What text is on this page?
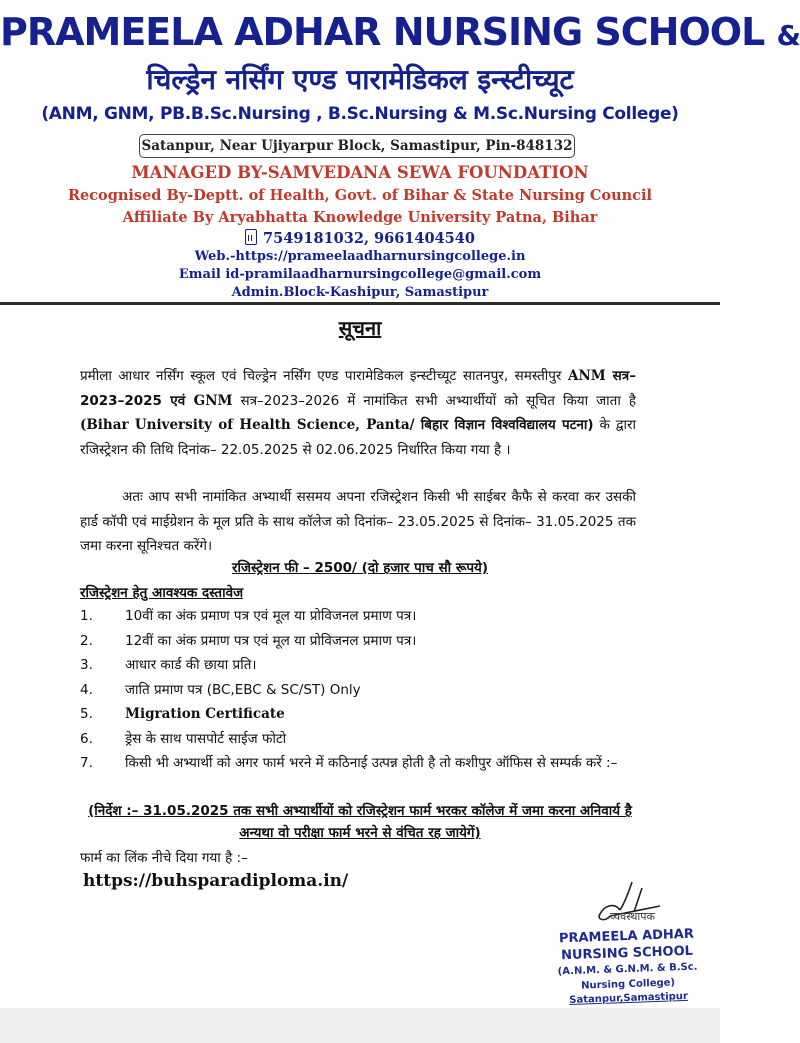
PRAMEELA ADHAR NURSING SCHOOL &
चिल्ड्रेन नर्सिंग एण्ड पारामेडिकल इन्स्टीच्यूट
(ANM, GNM, PB.B.Sc.Nursing , B.Sc.Nursing & M.Sc.Nursing College)
Satanpur, Near Ujiyarpur Block, Samastipur, Pin-848132
MANAGED BY-SAMVEDANA SEWA FOUNDATION
Recognised By-Deptt. of Health, Govt. of Bihar & State Nursing Council
Affiliate By Aryabhatta Knowledge University Patna, Bihar
7549181032, 9661404540
Web.-https://prameelaadharnursingcollege.in
Email id-pramilaadharnursingcollege@gmail.com
Admin.Block-Kashipur, Samastipur
सूचना
प्रमीला आधार नर्सिंग स्कूल एवं चिल्ड्रेन नर्सिंग एण्ड पारामेडिकल इन्स्टीच्यूट सातनपुर, समस्तीपुर ANM सत्र–2023–2025 एवं GNM सत्र–2023–2026 में नामांकित सभी अभ्यार्थीयों को सूचित किया जाता है (Bihar University of Health Science, Panta/ बिहार विज्ञान विश्वविद्यालय पटना) के द्वारा रजिस्ट्रेशन की तिथि दिनांक– 22.05.2025 से 02.06.2025 निर्धारित किया गया है ।
अतः आप सभी नामांकित अभ्यार्थी ससमय अपना रजिस्ट्रेशन किसी भी साईबर कैफै से करवा कर उसकी हार्ड कॉपी एवं माईग्रेशन के मूल प्रति के साथ कॉलेज को दिनांक– 23.05.2025 से दिनांक– 31.05.2025 तक जमा करना सूनिश्चत करेंगे।
रजिस्ट्रेशन फी – 2500/ (दो हजार पाच सौ रूपये)
रजिस्ट्रेशन हेतु आवश्यक दस्तावेज
1.	10वीं का अंक प्रमाण पत्र एवं मूल या प्रोविजनल प्रमाण पत्र।
2.	12वीं का अंक प्रमाण पत्र एवं मूल या प्रोविजनल प्रमाण पत्र।
3.	आधार कार्ड की छाया प्रति।
4.	जाति प्रमाण पत्र (BC,EBC & SC/ST) Only
5.	Migration Certificate
6.	ड्रेस के साथ पासपोर्ट साईज फोटो
7.	किसी भी अभ्यार्थी को अगर फार्म भरने में कठिनाई उत्पन्न होती है तो कशीपुर ऑफिस से सम्पर्क करें :–
(निर्देश :– 31.05.2025 तक सभी अभ्यार्थीयों को रजिस्ट्रेशन फार्म भरकर कॉलेज में जमा करना अनिवार्य है अन्यथा वो परीक्षा फार्म भरने से वंचित रह जायेगें)
फार्म का लिंक नीचे दिया गया है :–
https://buhsparadiploma.in/
व्यवस्थापक
PRAMEELA ADHAR
NURSING SCHOOL
(A.N.M. & G.N.M. & B.Sc.
Nursing College)
Satanpur,Samastipur
